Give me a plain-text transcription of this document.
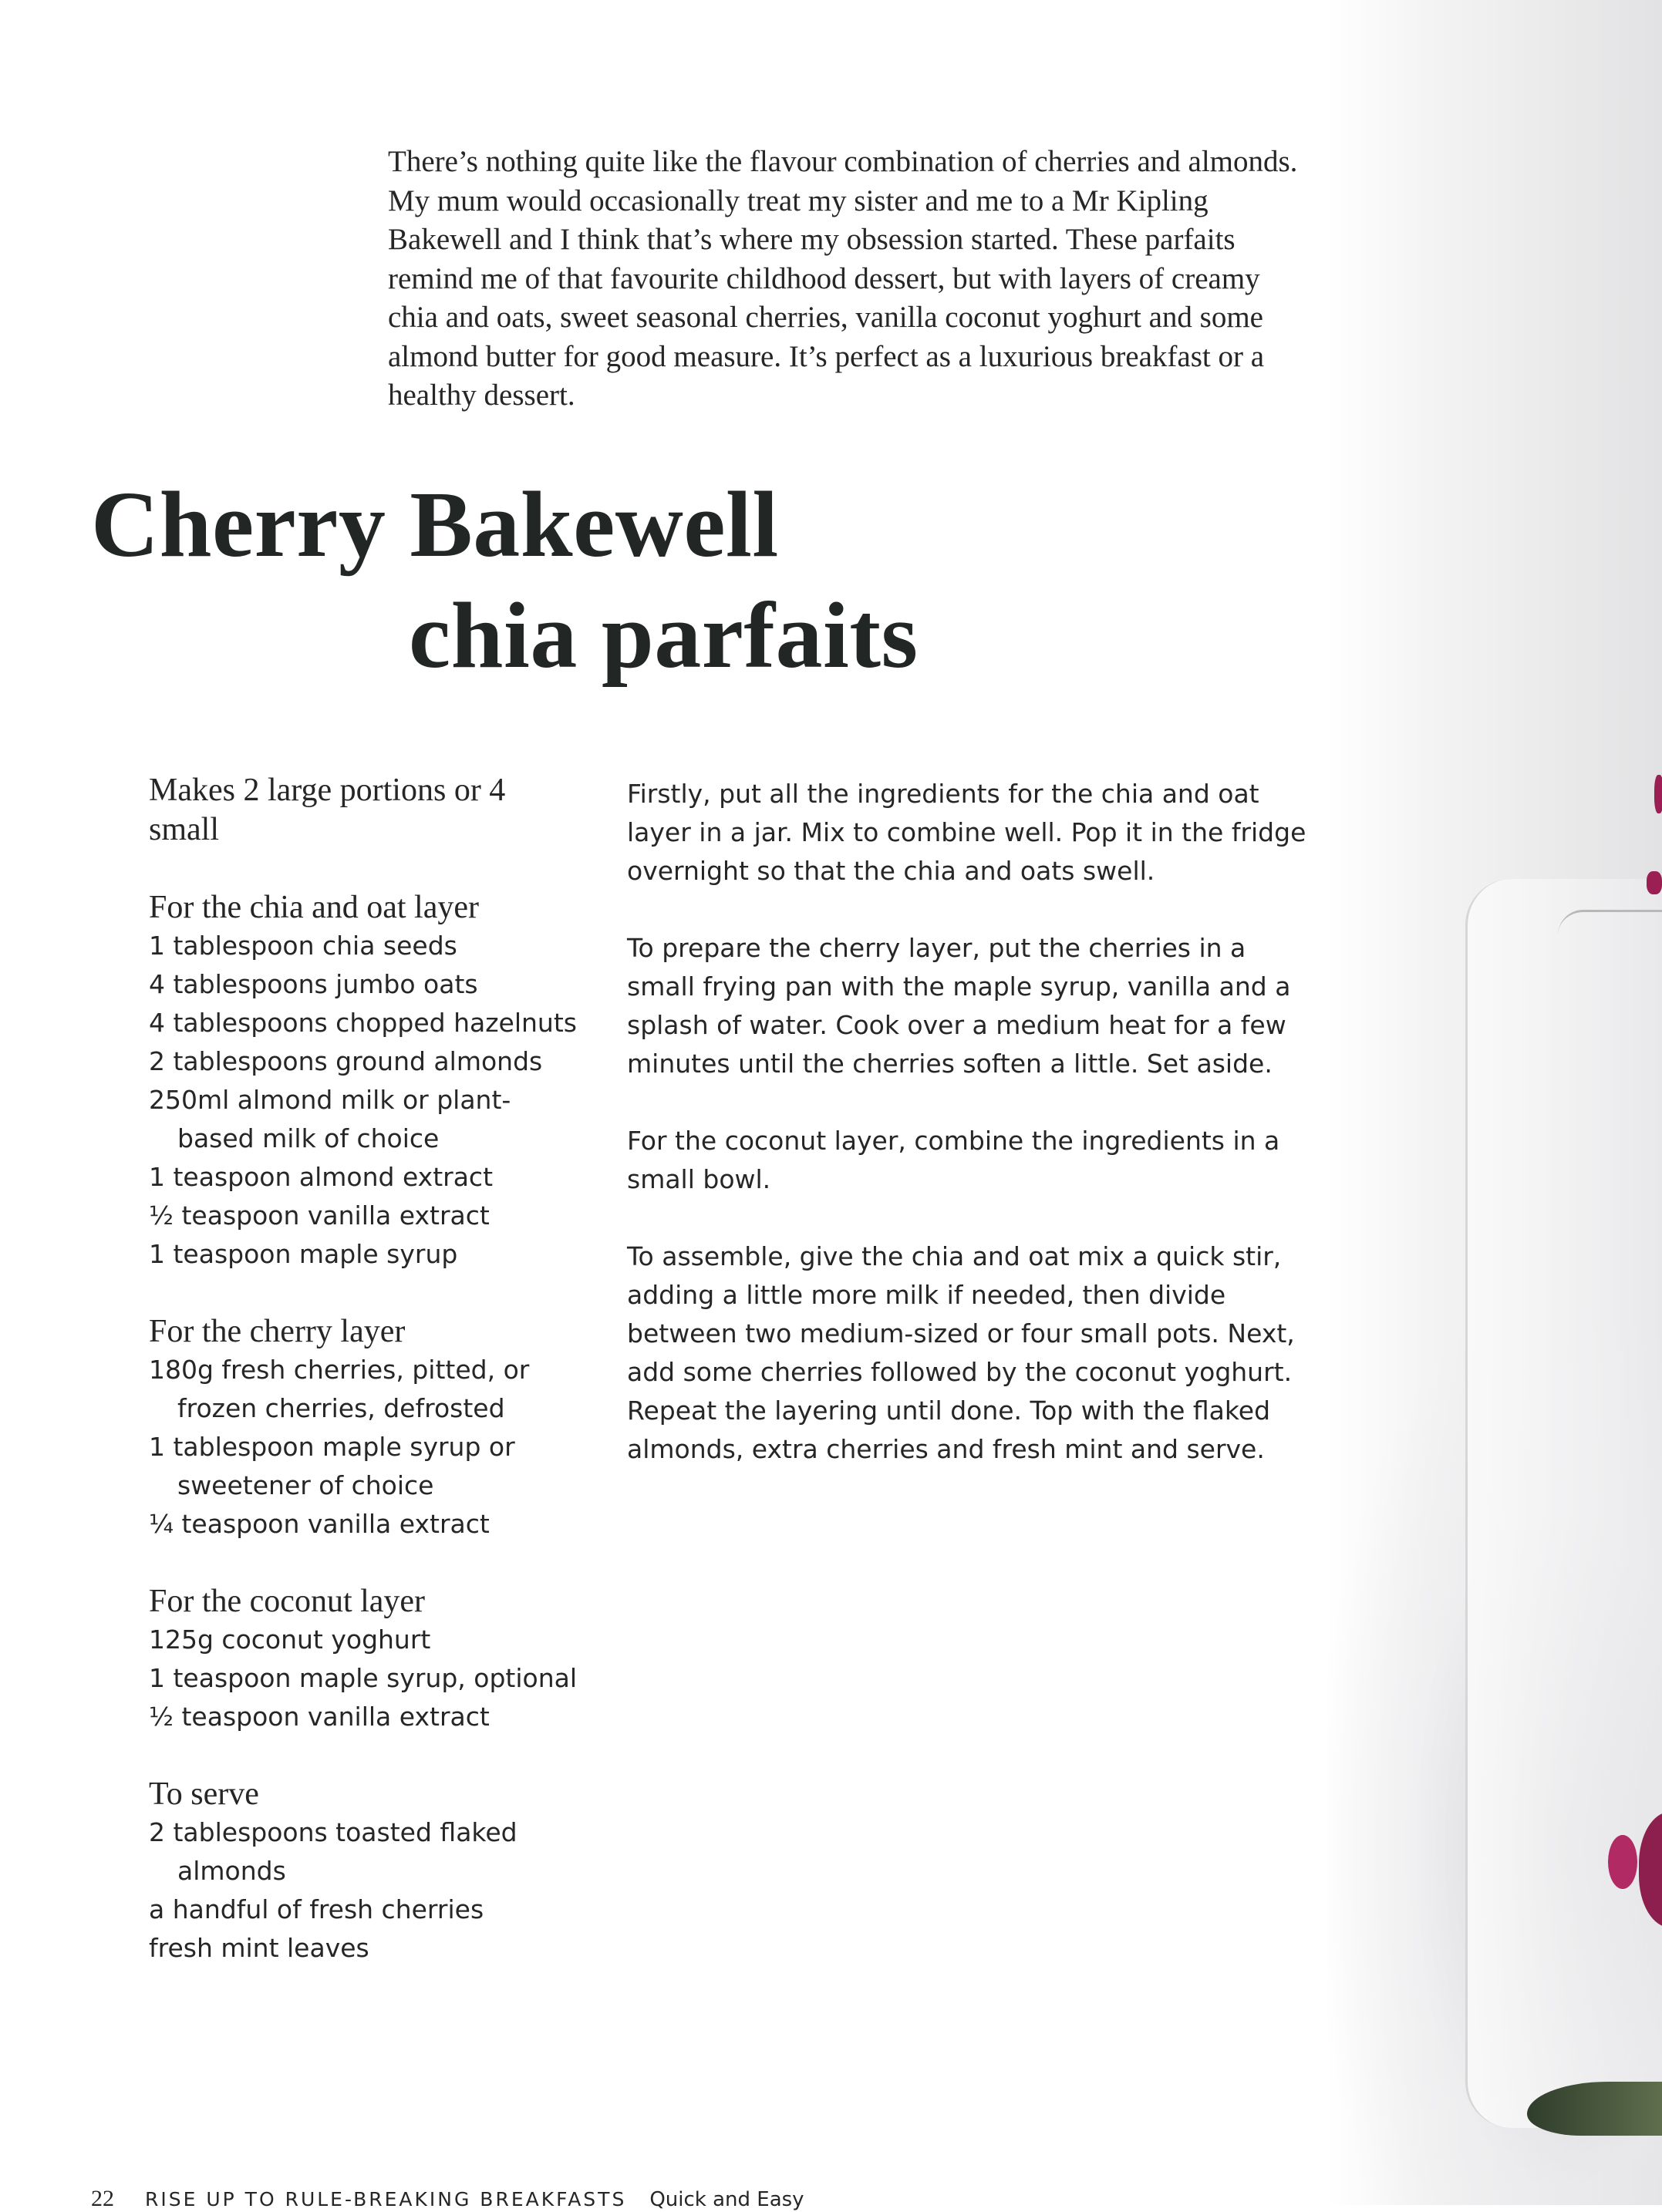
There’s nothing quite like the flavour combination of cherries and almonds. My mum would occasionally treat my sister and me to a Mr Kipling Bakewell and I think that’s where my obsession started. These parfaits remind me of that favourite childhood dessert, but with layers of creamy chia and oats, sweet seasonal cherries, vanilla coconut yoghurt and some almond butter for good measure. It’s perfect as a luxurious breakfast or a healthy dessert.

Cherry Bakewell
chia parfaits

Makes 2 large portions or 4 small

For the chia and oat layer

1 tablespoon chia seeds
4 tablespoons jumbo oats
4 tablespoons chopped hazelnuts
2 tablespoons ground almonds
250ml almond milk or plant-based milk of choice
1 teaspoon almond extract
½ teaspoon vanilla extract
1 teaspoon maple syrup

For the cherry layer

180g fresh cherries, pitted, or frozen cherries, defrosted
1 tablespoon maple syrup or sweetener of choice
¼ teaspoon vanilla extract

For the coconut layer

125g coconut yoghurt
1 teaspoon maple syrup, optional
½ teaspoon vanilla extract

To serve

2 tablespoons toasted flaked almonds
a handful of fresh cherries
fresh mint leaves

Firstly, put all the ingredients for the chia and oat layer in a jar. Mix to combine well. Pop it in the fridge overnight so that the chia and oats swell.

To prepare the cherry layer, put the cherries in a small frying pan with the maple syrup, vanilla and a splash of water. Cook over a medium heat for a few minutes until the cherries soften a little. Set aside.

For the coconut layer, combine the ingredients in a small bowl.

To assemble, give the chia and oat mix a quick stir, adding a little more milk if needed, then divide between two medium-sized or four small pots. Next, add some cherries followed by the coconut yoghurt. Repeat the layering until done. Top with the flaked almonds, extra cherries and fresh mint and serve.

22 RISE UP TO RULE-BREAKING BREAKFASTS Quick and Easy
